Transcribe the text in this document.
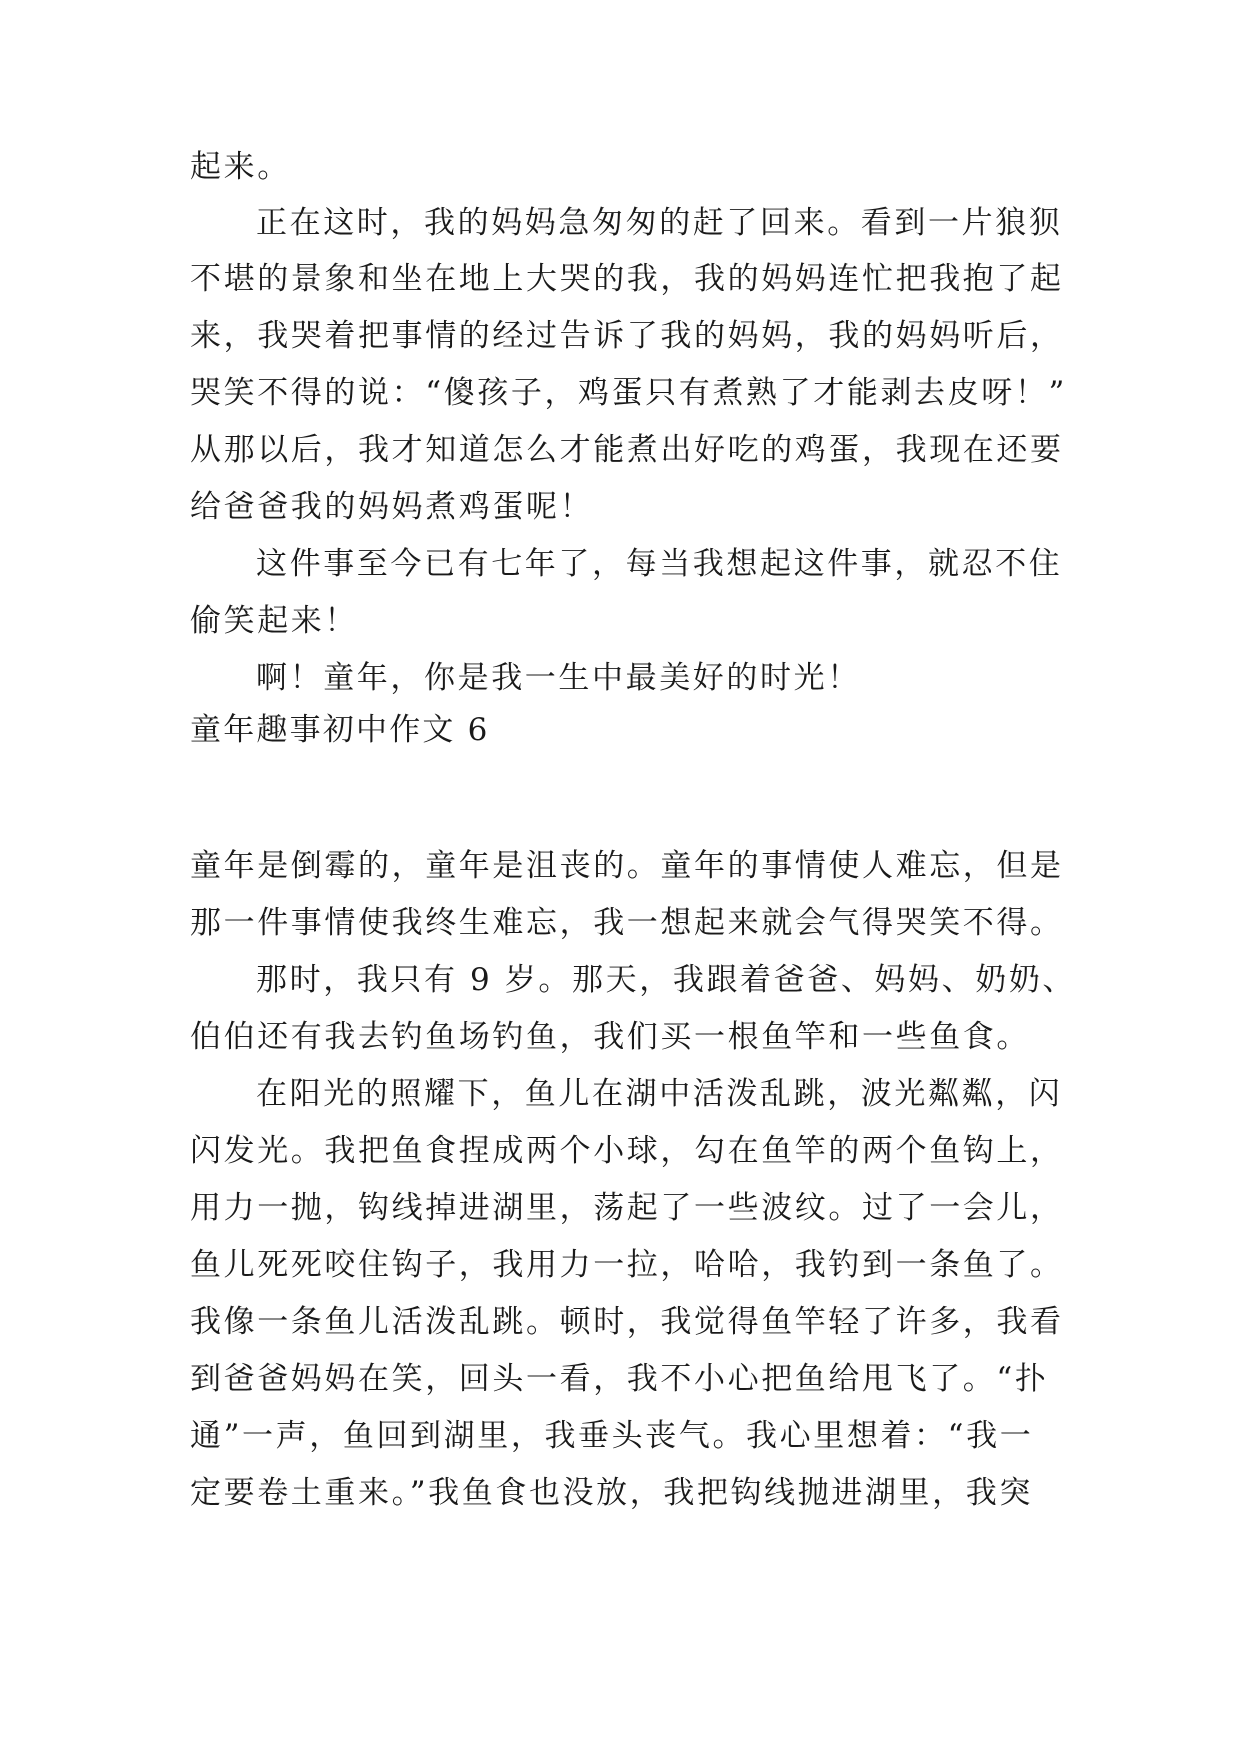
起来。
正在这时，我的妈妈急匆匆的赶了回来。看到一片狼狈
不堪的景象和坐在地上大哭的我，我的妈妈连忙把我抱了起
来，我哭着把事情的经过告诉了我的妈妈，我的妈妈听后，
哭笑不得的说：“傻孩子，鸡蛋只有煮熟了才能剥去皮呀！”
从那以后，我才知道怎么才能煮出好吃的鸡蛋，我现在还要
给爸爸我的妈妈煮鸡蛋呢！
这件事至今已有七年了，每当我想起这件事，就忍不住
偷笑起来！
啊！童年，你是我一生中最美好的时光！
童年趣事初中作文 6
童年是倒霉的，童年是沮丧的。童年的事情使人难忘，但是
那一件事情使我终生难忘，我一想起来就会气得哭笑不得。
那时，我只有 9 岁。那天，我跟着爸爸、妈妈、奶奶、
伯伯还有我去钓鱼场钓鱼，我们买一根鱼竿和一些鱼食。
在阳光的照耀下，鱼儿在湖中活泼乱跳，波光粼粼，闪
闪发光。我把鱼食捏成两个小球，勾在鱼竿的两个鱼钩上，
用力一抛，钩线掉进湖里，荡起了一些波纹。过了一会儿，
鱼儿死死咬住钩子，我用力一拉，哈哈，我钓到一条鱼了。
我像一条鱼儿活泼乱跳。顿时，我觉得鱼竿轻了许多，我看
到爸爸妈妈在笑，回头一看，我不小心把鱼给甩飞了。“扑
通”一声，鱼回到湖里，我垂头丧气。我心里想着：“我一
定要卷土重来。”我鱼食也没放，我把钩线抛进湖里，我突
